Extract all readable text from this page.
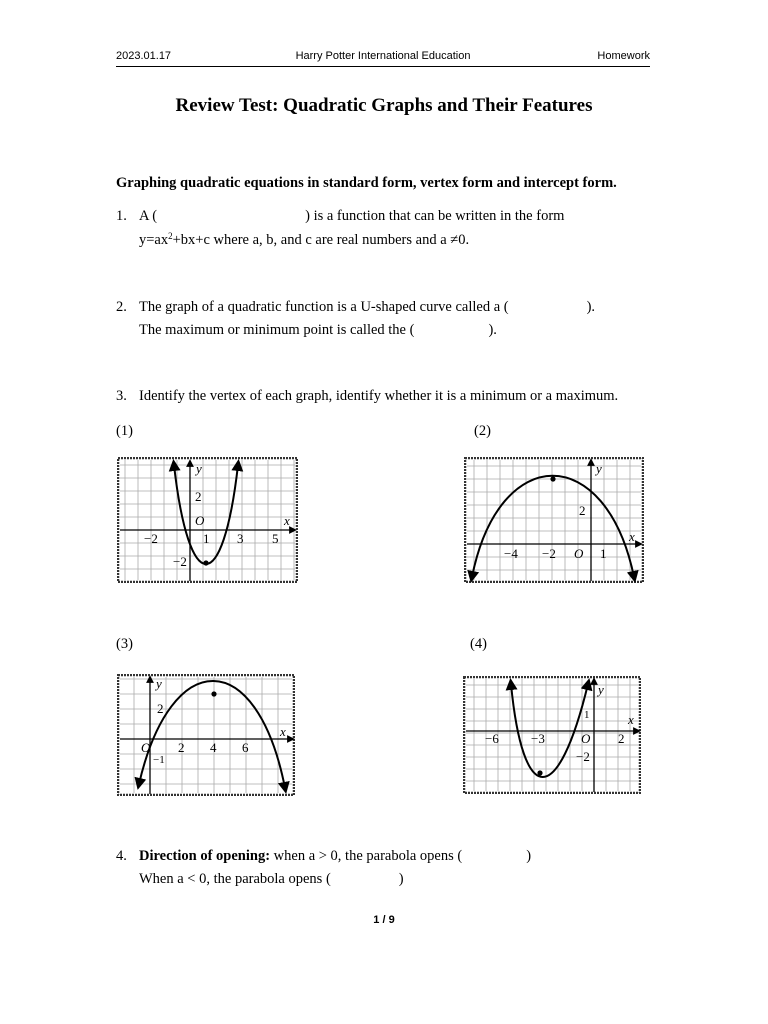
2023.01.17	Harry Potter International Education	Homework
Review Test: Quadratic Graphs and Their Features
Graphing quadratic equations in standard form, vertex form and intercept form.
1. A (	) is a function that can be written in the form
$y=ax^2+bx+c$ where a, b, and c are real numbers and a ≠0.
2. The graph of a quadratic function is a U-shaped curve called a (	).
The maximum or minimum point is called the (	).
3. Identify the vertex of each graph, identify whether it is a minimum or a maximum.
(1)	(2)
(3)	(4)
x
y
O
−2	1 3 5
2
−2
x
y
O
−4 −2	1
2
x
y
O 2 4 6
2
−1
x
y
O
−6 −3	2
1
−2
4. Direction of opening: when a > 0, the parabola opens (	)
When a < 0, the parabola opens (	)
1 / 9
